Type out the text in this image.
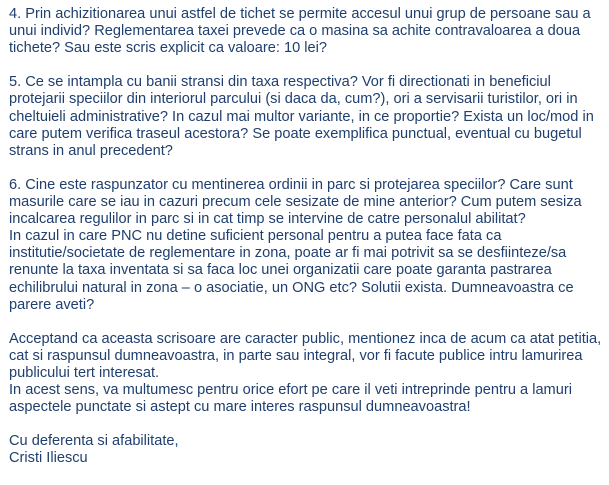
4. Prin achizitionarea unui astfel de tichet se permite accesul unui grup de persoane sau a
unui individ? Reglementarea taxei prevede ca o masina sa achite contravaloarea a doua
tichete? Sau este scris explicit ca valoare: 10 lei?

5. Ce se intampla cu banii stransi din taxa respectiva? Vor fi directionati in beneficiul
protejarii speciilor din interiorul parcului (si daca da, cum?), ori a servisarii turistilor, ori in
cheltuieli administrative? In cazul mai multor variante, in ce proportie? Exista un loc/mod in
care putem verifica traseul acestora? Se poate exemplifica punctual, eventual cu bugetul
strans in anul precedent?

6. Cine este raspunzator cu mentinerea ordinii in parc si protejarea speciilor? Care sunt
masurile care se iau in cazuri precum cele sesizate de mine anterior? Cum putem sesiza
incalcarea regulilor in parc si in cat timp se intervine de catre personalul abilitat?
In cazul in care PNC nu detine suficient personal pentru a putea face fata ca
institutie/societate de reglementare in zona, poate ar fi mai potrivit sa se desfiinteze/sa
renunte la taxa inventata si sa faca loc unei organizatii care poate garanta pastrarea
echilibrului natural in zona – o asociatie, un ONG etc? Solutii exista. Dumneavoastra ce
parere aveti?

Acceptand ca aceasta scrisoare are caracter public, mentionez inca de acum ca atat petitia,
cat si raspunsul dumneavoastra, in parte sau integral, vor fi facute publice intru lamurirea
publicului tert interesat.
In acest sens, va multumesc pentru orice efort pe care il veti intreprinde pentru a lamuri
aspectele punctate si astept cu mare interes raspunsul dumneavoastra!

Cu deferenta si afabilitate,
Cristi Iliescu
